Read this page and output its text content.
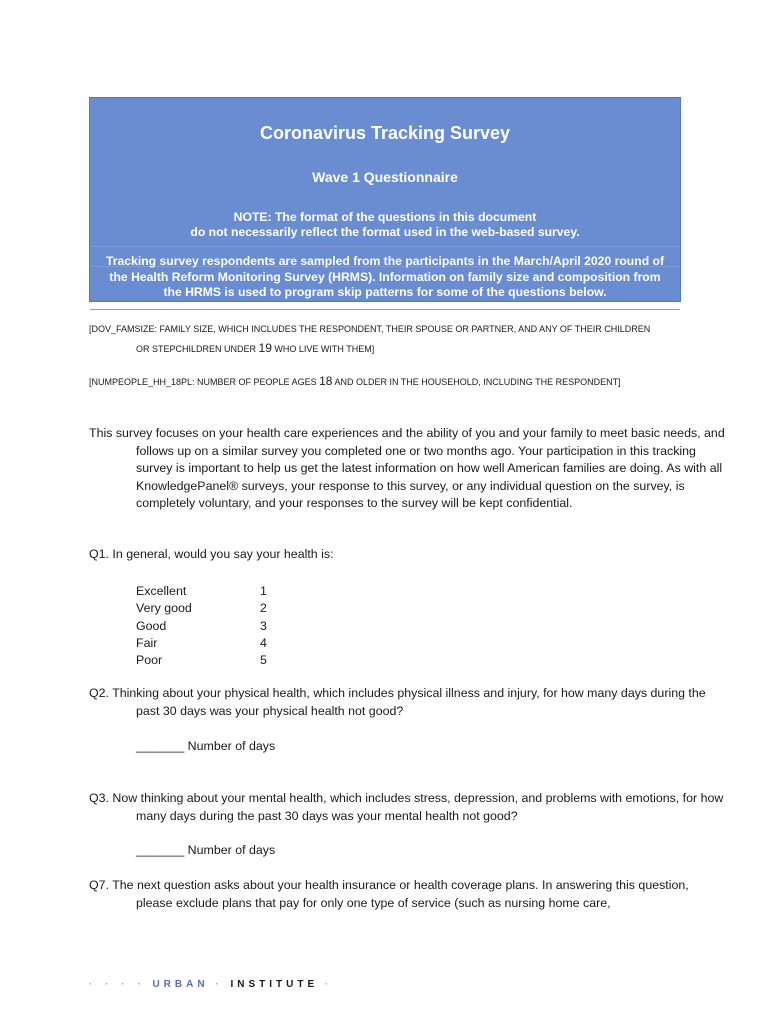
Coronavirus Tracking Survey
Wave 1 Questionnaire
NOTE: The format of the questions in this document
do not necessarily reflect the format used in the web-based survey.
Tracking survey respondents are sampled from the participants in the March/April 2020 round of
the Health Reform Monitoring Survey (HRMS). Information on family size and composition from
the HRMS is used to program skip patterns for some of the questions below.
[DOV_FAMSIZE: FAMILY SIZE, WHICH INCLUDES THE RESPONDENT, THEIR SPOUSE OR PARTNER, AND ANY OF THEIR CHILDREN
OR STEPCHILDREN UNDER 19 WHO LIVE WITH THEM]
[NUMPEOPLE_HH_18PL: NUMBER OF PEOPLE AGES 18 AND OLDER IN THE HOUSEHOLD, INCLUDING THE RESPONDENT]
This survey focuses on your health care experiences and the ability of you and your family to meet basic needs, and follows up on a similar survey you completed one or two months ago. Your participation in this tracking survey is important to help us get the latest information on how well American families are doing. As with all KnowledgePanel® surveys, your response to this survey, or any individual question on the survey, is completely voluntary, and your responses to the survey will be kept confidential.
Q1. In general, would you say your health is:
Excellent	1
Very good	2
Good	3
Fair	4
Poor	5
Q2. Thinking about your physical health, which includes physical illness and injury, for how many days during the past 30 days was your physical health not good?
_______ Number of days
Q3. Now thinking about your mental health, which includes stress, depression, and problems with emotions, for how many days during the past 30 days was your mental health not good?
_______ Number of days
Q7. The next question asks about your health insurance or health coverage plans. In answering this question, please exclude plans that pay for only one type of service (such as nursing home care,
· · · · URBAN · INSTITUTE ·
